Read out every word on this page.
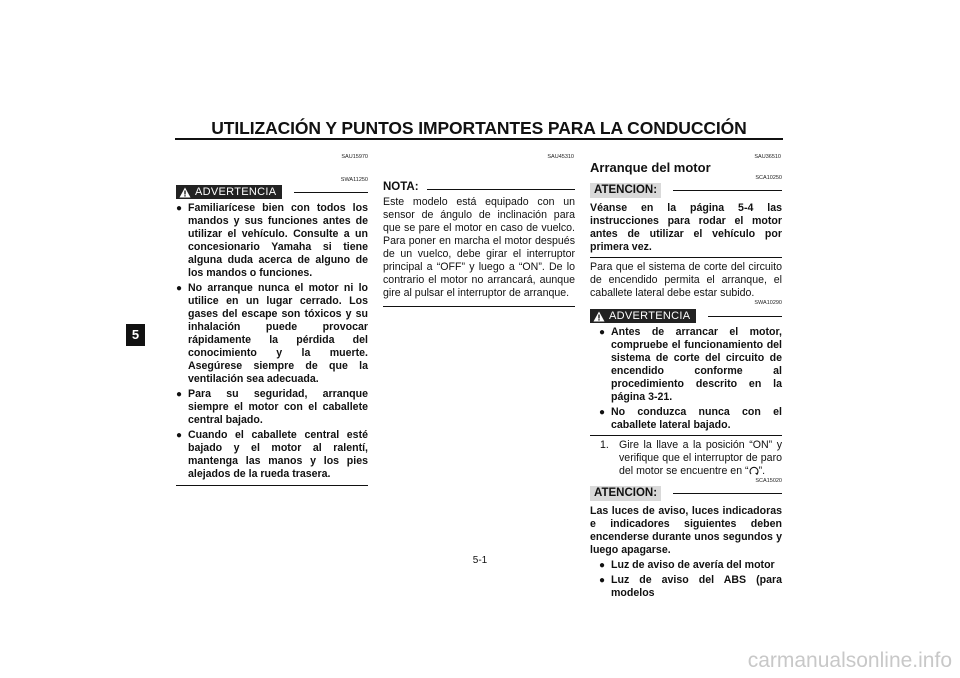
UTILIZACIÓN Y PUNTOS IMPORTANTES PARA LA CONDUCCIÓN
5
SAU15970
SWA11250
ADVERTENCIA
● Familiarícese bien con todos los mandos y sus funciones antes de utilizar el vehículo. Consulte a un concesionario Yamaha si tiene alguna duda acerca de alguno de los mandos o funciones.
● No arranque nunca el motor ni lo utilice en un lugar cerrado. Los gases del escape son tóxicos y su inhalación puede provocar rápidamente la pérdida del conocimiento y la muerte. Asegúrese siempre de que la ventilación sea adecuada.
● Para su seguridad, arranque siempre el motor con el caballete central bajado.
● Cuando el caballete central esté bajado y el motor al ralentí, mantenga las manos y los pies alejados de la rueda trasera.
SAU45310
NOTA:
Este modelo está equipado con un sensor de ángulo de inclinación para que se pare el motor en caso de vuelco. Para poner en marcha el motor después de un vuelco, debe girar el interruptor principal a “OFF” y luego a “ON”. De lo contrario el motor no arrancará, aunque gire al pulsar el interruptor de arranque.
SAU36510
Arranque del motor
SCA10250
ATENCION:
Véanse en la página 5-4 las instrucciones para rodar el motor antes de utilizar el vehículo por primera vez.
Para que el sistema de corte del circuito de encendido permita el arranque, el caballete lateral debe estar subido.
SWA10290
ADVERTENCIA
● Antes de arrancar el motor, compruebe el funcionamiento del sistema de corte del circuito de encendido conforme al procedimiento descrito en la página 3-21.
● No conduzca nunca con el caballete lateral bajado.
1. Gire la llave a la posición “ON” y verifique que el interruptor de paro del motor se encuentre en “ ”.
SCA15020
ATENCION:
Las luces de aviso, luces indicadoras e indicadores siguientes deben encenderse durante unos segundos y luego apagarse.
● Luz de aviso de avería del motor
● Luz de aviso del ABS (para modelos
5-1
carmanualsonline.info
